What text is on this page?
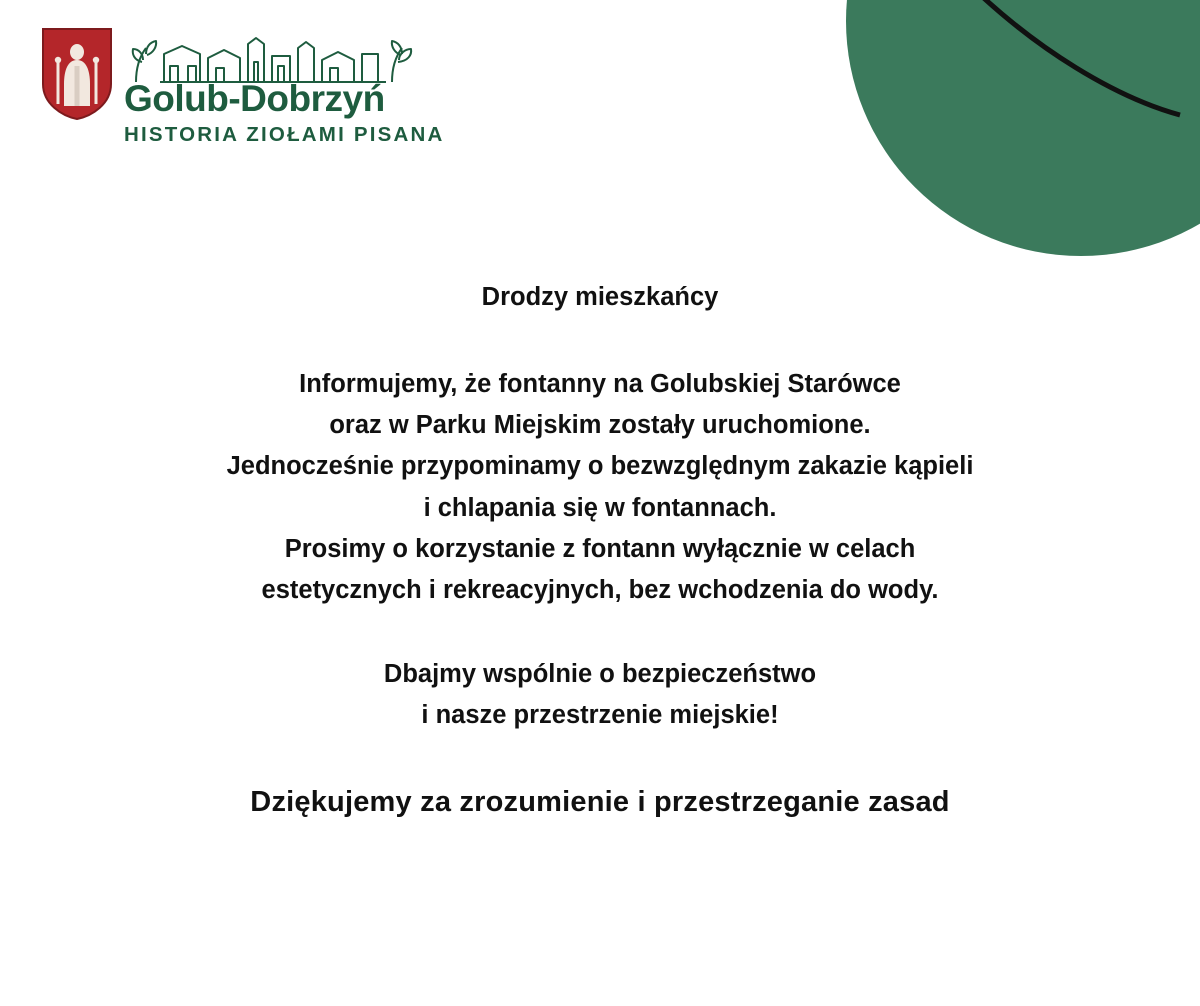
Golub-Dobrzyń
HISTORIA ZIOŁAMI PISANA

Drodzy mieszkańcy

Informujemy, że fontanny na Golubskiej Starówce
oraz w Parku Miejskim zostały uruchomione.
Jednocześnie przypominamy o bezwzględnym zakazie kąpieli
i chlapania się w fontannach.
Prosimy o korzystanie z fontann wyłącznie w celach
estetycznych i rekreacyjnych, bez wchodzenia do wody.

Dbajmy wspólnie o bezpieczeństwo
i nasze przestrzenie miejskie!

Dziękujemy za zrozumienie i przestrzeganie zasad
